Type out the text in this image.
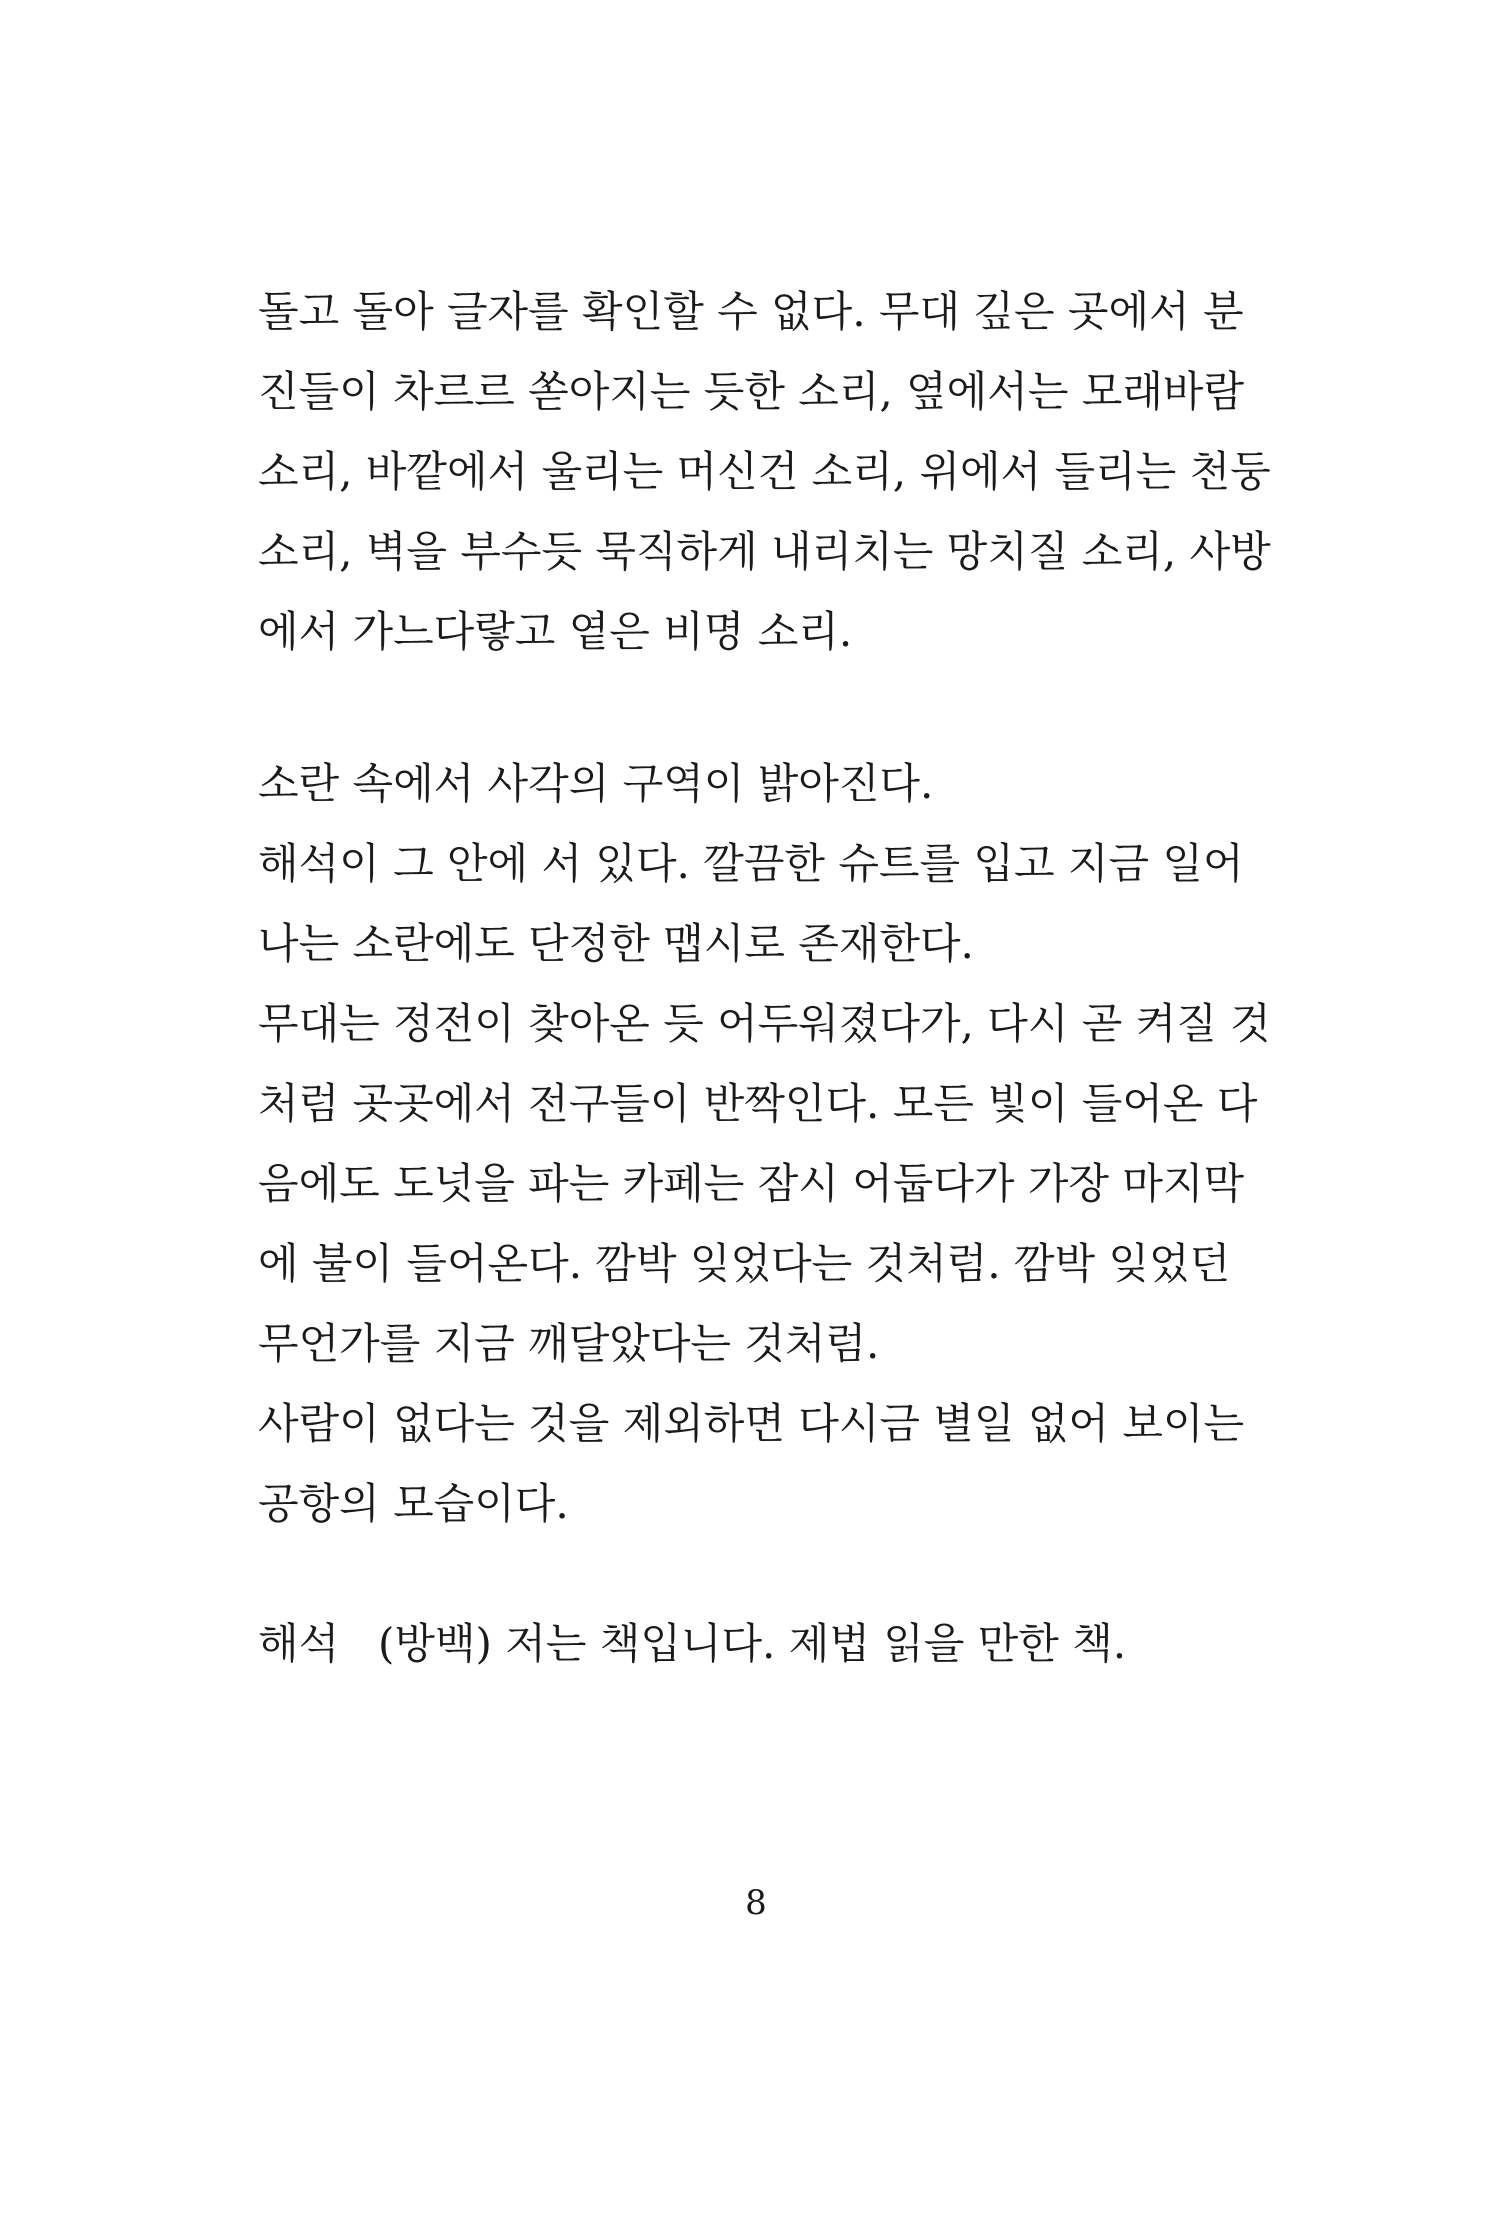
돌고 돌아 글자를 확인할 수 없다. 무대 깊은 곳에서 분
진들이 차르르 쏟아지는 듯한 소리, 옆에서는 모래바람
소리, 바깥에서 울리는 머신건 소리, 위에서 들리는 천둥
소리, 벽을 부수듯 묵직하게 내리치는 망치질 소리, 사방
에서 가느다랗고 옅은 비명 소리.
소란 속에서 사각의 구역이 밝아진다.
해석이 그 안에 서 있다. 깔끔한 슈트를 입고 지금 일어
나는 소란에도 단정한 맵시로 존재한다.
무대는 정전이 찾아온 듯 어두워졌다가, 다시 곧 켜질 것
처럼 곳곳에서 전구들이 반짝인다. 모든 빛이 들어온 다
음에도 도넛을 파는 카페는 잠시 어둡다가 가장 마지막
에 불이 들어온다. 깜박 잊었다는 것처럼. 깜박 잊었던
무언가를 지금 깨달았다는 것처럼.
사람이 없다는 것을 제외하면 다시금 별일 없어 보이는
공항의 모습이다.
해석 (방백) 저는 책입니다. 제법 읽을 만한 책.
8
